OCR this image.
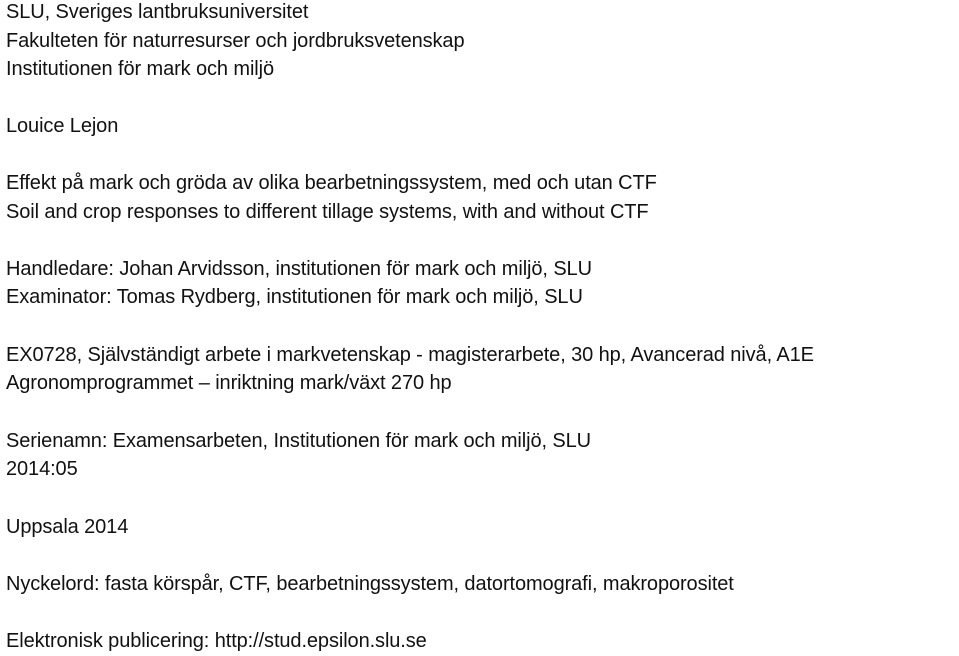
SLU, Sveriges lantbruksuniversitet
Fakulteten för naturresurser och jordbruksvetenskap
Institutionen för mark och miljö
Louice Lejon
Effekt på mark och gröda av olika bearbetningssystem, med och utan CTF
Soil and crop responses to different tillage systems, with and without CTF
Handledare: Johan Arvidsson, institutionen för mark och miljö, SLU
Examinator: Tomas Rydberg, institutionen för mark och miljö, SLU
EX0728, Självständigt arbete i markvetenskap - magisterarbete, 30 hp, Avancerad nivå, A1E
Agronomprogrammet – inriktning mark/växt 270 hp
Serienamn: Examensarbeten, Institutionen för mark och miljö, SLU
2014:05
Uppsala 2014
Nyckelord: fasta körspår, CTF, bearbetningssystem, datortomografi, makroporositet
Elektronisk publicering: http://stud.epsilon.slu.se
